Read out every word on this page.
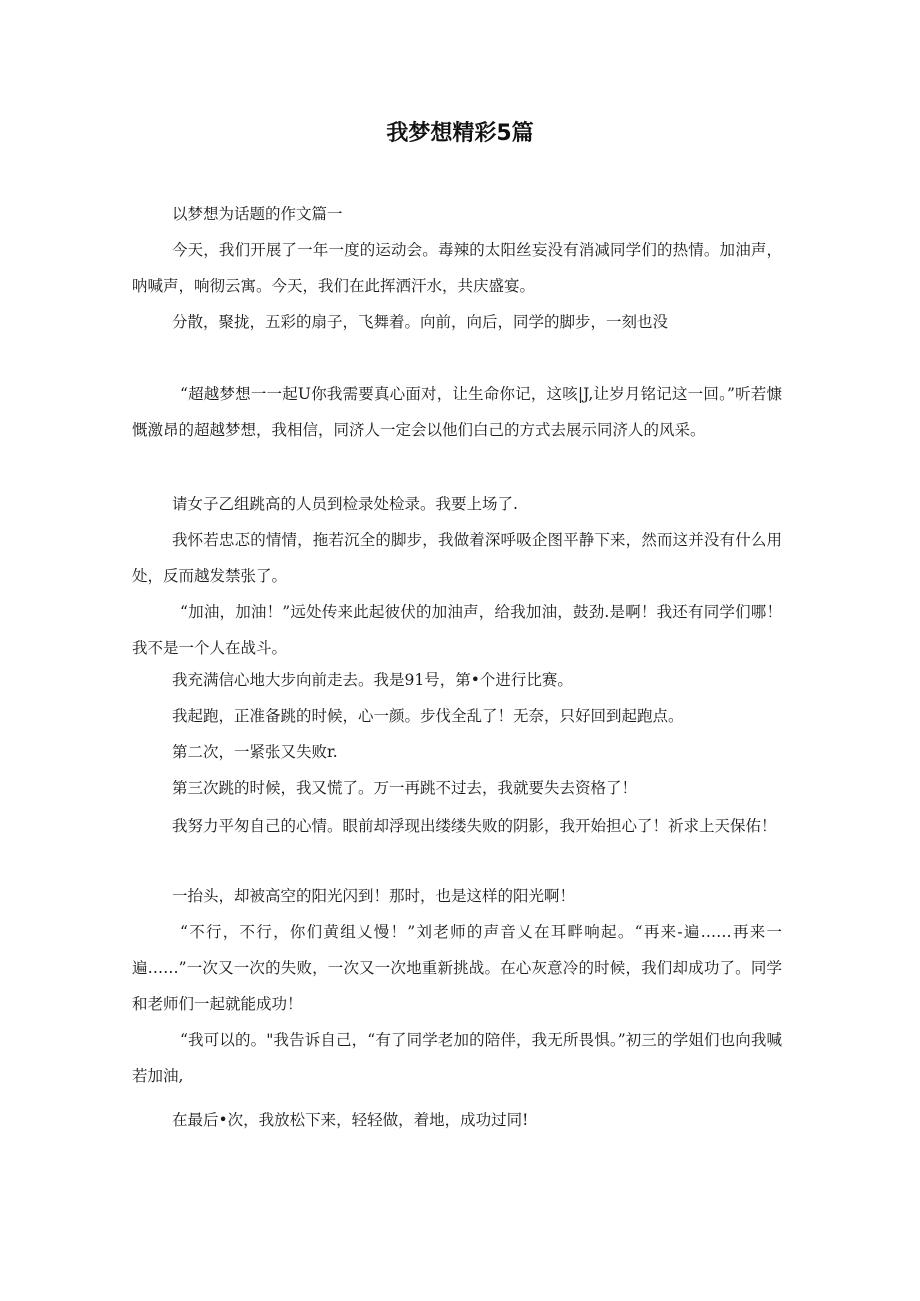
我梦想精彩5篇

以梦想为话题的作文篇一

今天，我们开展了一年一度的运动会。毒辣的太阳丝妄没有消减同学们的热情。加油声，呐喊声，响彻云寓。今天，我们在此挥洒汗水，共庆盛宴。

分散，聚拢，五彩的扇子，飞舞着。向前，向后，同学的脚步，一刻也没

“超越梦想一一起U你我需要真心面对，让生命你记，这咳|J,让岁月铭记这一回。”听若慷慨激昂的超越梦想，我相信，同济人一定会以他们白己的方式去展示同济人的风采。

请女子乙组跳高的人员到检录处检录。我要上场了.

我怀若忠忑的情情，拖若沉全的脚步，我做着深呼吸企图平静下来，然而这并没有什么用处，反而越发禁张了。

“加油，加油！”远处传来此起彼伏的加油声，给我加油，鼓劲.是啊！我还有同学们哪！我不是一个人在战斗。

我充满信心地大步向前走去。我是91号，第•个进行比赛。

我起跑，正准备跳的时候，心一颜。步伐全乱了！无奈，只好回到起跑点。

第二次，一紧张又失败r.

第三次跳的时候，我又慌了。万一再跳不过去，我就要失去资格了！

我努力平匆自己的心情。眼前却浮现出缕缕失败的阴影，我开始担心了！祈求上天保佑！

一抬头，却被高空的阳光闪到！那时，也是这样的阳光啊！

“不行，不行，你们黄组乂慢！”刘老师的声音乂在耳畔响起。“再来-遍……再来一遍……”一次又一次的失败，一次又一次地重新挑战。在心灰意冷的时候，我们却成功了。同学和老师们一起就能成功！

“我可以的。"我告诉自己，“有了同学老加的陪伴，我无所畏惧。”初三的学姐们也向我喊若加油,

在最后•次，我放松下来，轻轻做，着地，成功过同!
